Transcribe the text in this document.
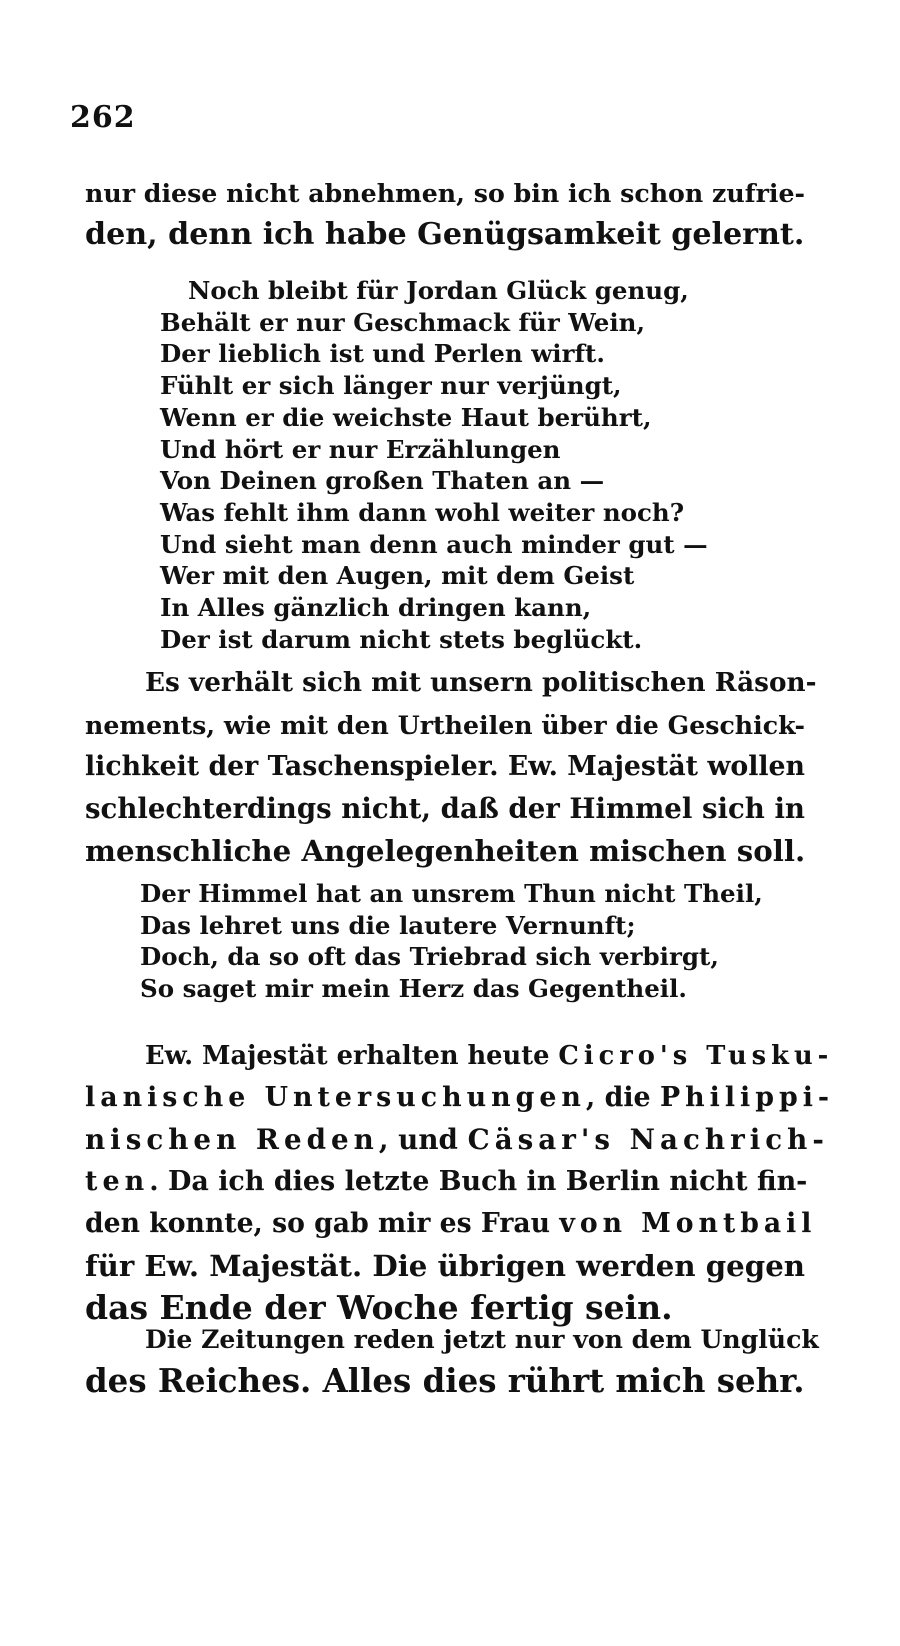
262
nur diese nicht abnehmen, so bin ich schon zufrie-
den, denn ich habe Genügsamkeit gelernt.
Noch bleibt für Jordan Glück genug,
Behält er nur Geschmack für Wein,
Der lieblich ist und Perlen wirft.
Fühlt er sich länger nur verjüngt,
Wenn er die weichste Haut berührt,
Und hört er nur Erzählungen
Von Deinen großen Thaten an —
Was fehlt ihm dann wohl weiter noch?
Und sieht man denn auch minder gut —
Wer mit den Augen, mit dem Geist
In Alles gänzlich dringen kann,
Der ist darum nicht stets beglückt.
Es verhält sich mit unsern politischen Räson-
nements, wie mit den Urtheilen über die Geschick-
lichkeit der Taschenspieler. Ew. Majestät wollen
schlechterdings nicht, daß der Himmel sich in
menschliche Angelegenheiten mischen soll.
Der Himmel hat an unsrem Thun nicht Theil,
Das lehret uns die lautere Vernunft;
Doch, da so oft das Triebrad sich verbirgt,
So saget mir mein Herz das Gegentheil.
Ew. Majestät erhalten heute Cicro's Tusku-
lanische Untersuchungen, die Philippi-
nischen Reden, und Cäsar's Nachrich-
ten. Da ich dies letzte Buch in Berlin nicht fin-
den konnte, so gab mir es Frau von Montbail
für Ew. Majestät. Die übrigen werden gegen
das Ende der Woche fertig sein.
Die Zeitungen reden jetzt nur von dem Unglück
des Reiches. Alles dies rührt mich sehr.
